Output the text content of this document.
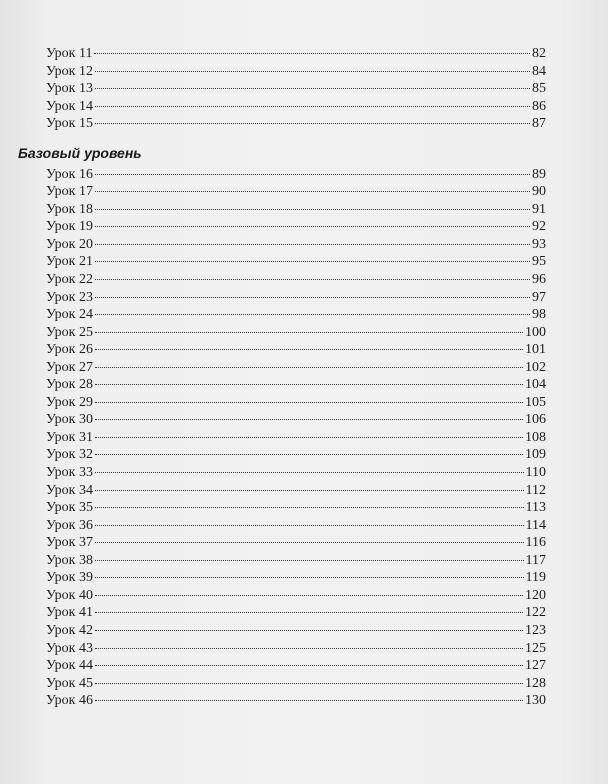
Урок 11	82
Урок 12	84
Урок 13	85
Урок 14	86
Урок 15	87
Базовый уровень
Урок 16	89
Урок 17	90
Урок 18	91
Урок 19	92
Урок 20	93
Урок 21	95
Урок 22	96
Урок 23	97
Урок 24	98
Урок 25	100
Урок 26	101
Урок 27	102
Урок 28	104
Урок 29	105
Урок 30	106
Урок 31	108
Урок 32	109
Урок 33	110
Урок 34	112
Урок 35	113
Урок 36	114
Урок 37	116
Урок 38	117
Урок 39	119
Урок 40	120
Урок 41	122
Урок 42	123
Урок 43	125
Урок 44	127
Урок 45	128
Урок 46	130
